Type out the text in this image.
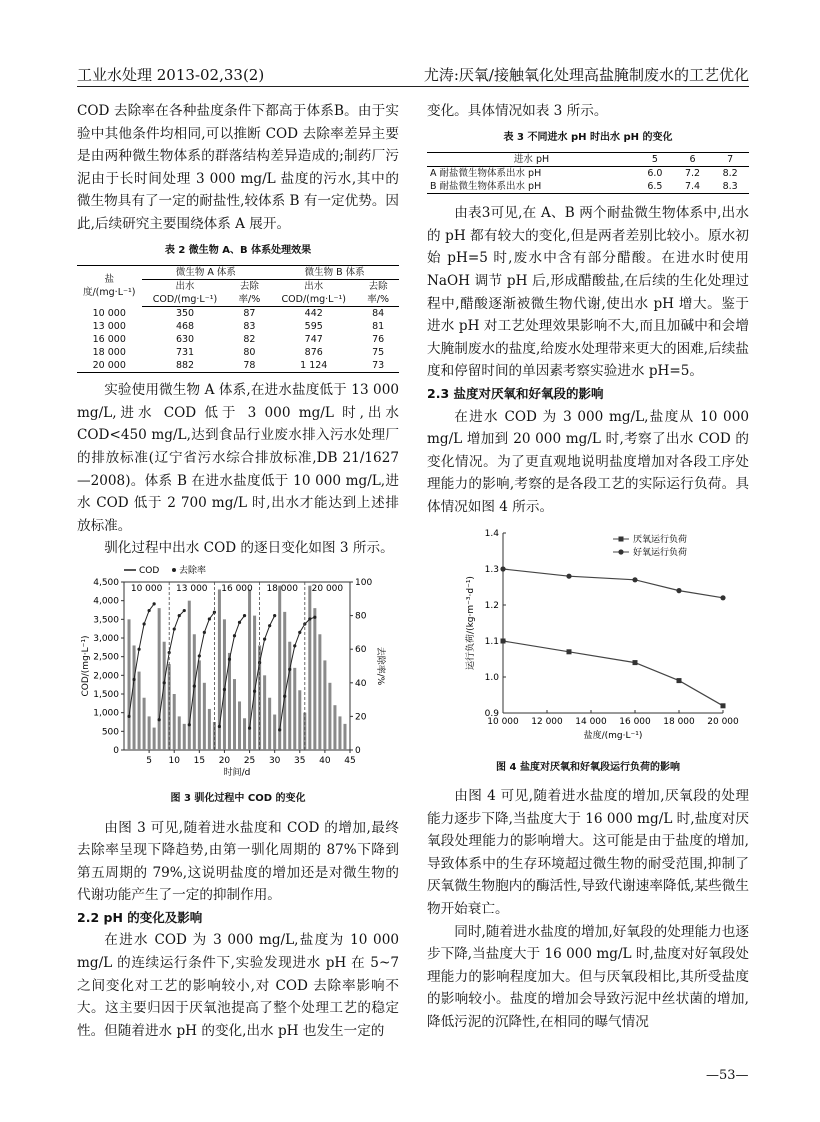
工业水处理 2013-02,33(2)	尤涛:厌氧/接触氧化处理高盐腌制废水的工艺优化

COD 去除率在各种盐度条件下都高于体系B。由于实验中其他条件均相同,可以推断 COD 去除率差异主要是由两种微生物体系的群落结构差异造成的;制药厂污泥由于长时间处理 3 000 mg/L 盐度的污水,其中的微生物具有了一定的耐盐性,较体系 B 有一定优势。因此,后续研究主要围绕体系 A 展开。

表 2 微生物 A、B 体系处理效果
盐度/(mg·L⁻¹)	微生物 A 体系		微生物 B 体系	
	出水 COD/(mg·L⁻¹)	去除率/%	出水 COD/(mg·L⁻¹)	去除率/%
10 000	350	87	442	84
13 000	468	83	595	81
16 000	630	82	747	76
18 000	731	80	876	75
20 000	882	78	1 124	73

实验使用微生物 A 体系,在进水盐度低于 13 000 mg/L,进水 COD 低于 3 000 mg/L 时,出水 COD<450 mg/L,达到食品行业废水排入污水处理厂的排放标准(辽宁省污水综合排放标准,DB 21/1627—2008)。体系 B 在进水盐度低于 10 000 mg/L,进水 COD 低于 2 700 mg/L 时,出水才能达到上述排放标准。

驯化过程中出水 COD 的逐日变化如图 3 所示。

10 000 13 000 16 000 18 000 20 000
5 10 15 20 25 30 35 40 45
0
500
1,000
1,500
2,000
2,500
3,000
3,500
4,000
4,500
0
20
40
60
80
100
时间/d
COD/(mg·L⁻¹)	去除率/%
COD 去除率
图 3 驯化过程中 COD 的变化

由图 3 可见,随着进水盐度和 COD 的增加,最终去除率呈现下降趋势,由第一驯化周期的 87%下降到第五周期的 79%,这说明盐度的增加还是对微生物的代谢功能产生了一定的抑制作用。

2.2 pH 的变化及影响

在进水 COD 为 3 000 mg/L,盐度为 10 000 mg/L 的连续运行条件下,实验发现进水 pH 在 5~7 之间变化对工艺的影响较小,对 COD 去除率影响不大。这主要归因于厌氧池提高了整个处理工艺的稳定性。但随着进水 pH 的变化,出水 pH 也发生一定的

变化。具体情况如表 3 所示。

表 3 不同进水 pH 时出水 pH 的变化
进水 pH	5	6	7
A 耐盐微生物体系出水 pH	6.0	7.2	8.2
B 耐盐微生物体系出水 pH	6.5	7.4	8.3

由表3可见,在 A、B 两个耐盐微生物体系中,出水的 pH 都有较大的变化,但是两者差别比较小。原水初始 pH=5 时,废水中含有部分醋酸。在进水时使用 NaOH 调节 pH 后,形成醋酸盐,在后续的生化处理过程中,醋酸逐渐被微生物代谢,使出水 pH 增大。鉴于进水 pH 对工艺处理效果影响不大,而且加碱中和会增大腌制废水的盐度,给废水处理带来更大的困难,后续盐度和停留时间的单因素考察实验进水 pH=5。

2.3 盐度对厌氧和好氧段的影响

在进水 COD 为 3 000 mg/L,盐度从 10 000 mg/L 增加到 20 000 mg/L 时,考察了出水 COD 的变化情况。为了更直观地说明盐度增加对各段工序处理能力的影响,考察的是各段工艺的实际运行负荷。具体情况如图 4 所示。

0.9
1.0
1.1
1.2
1.3
1.4
10 000 12 000 14 000 16 000 18 000 20 000
厌氧运行负荷
好氧运行负荷
盐度/(mg·L⁻¹)
运行负荷/(kg·m⁻³·d⁻¹)
图 4 盐度对厌氧和好氧段运行负荷的影响

由图 4 可见,随着进水盐度的增加,厌氧段的处理能力逐步下降,当盐度大于 16 000 mg/L 时,盐度对厌氧段处理能力的影响增大。这可能是由于盐度的增加,导致体系中的生存环境超过微生物的耐受范围,抑制了厌氧微生物胞内的酶活性,导致代谢速率降低,某些微生物开始衰亡。

同时,随着进水盐度的增加,好氧段的处理能力也逐步下降,当盐度大于 16 000 mg/L 时,盐度对好氧段处理能力的影响程度加大。但与厌氧段相比,其所受盐度的影响较小。盐度的增加会导致污泥中丝状菌的增加,降低污泥的沉降性,在相同的曝气情况

—53—
